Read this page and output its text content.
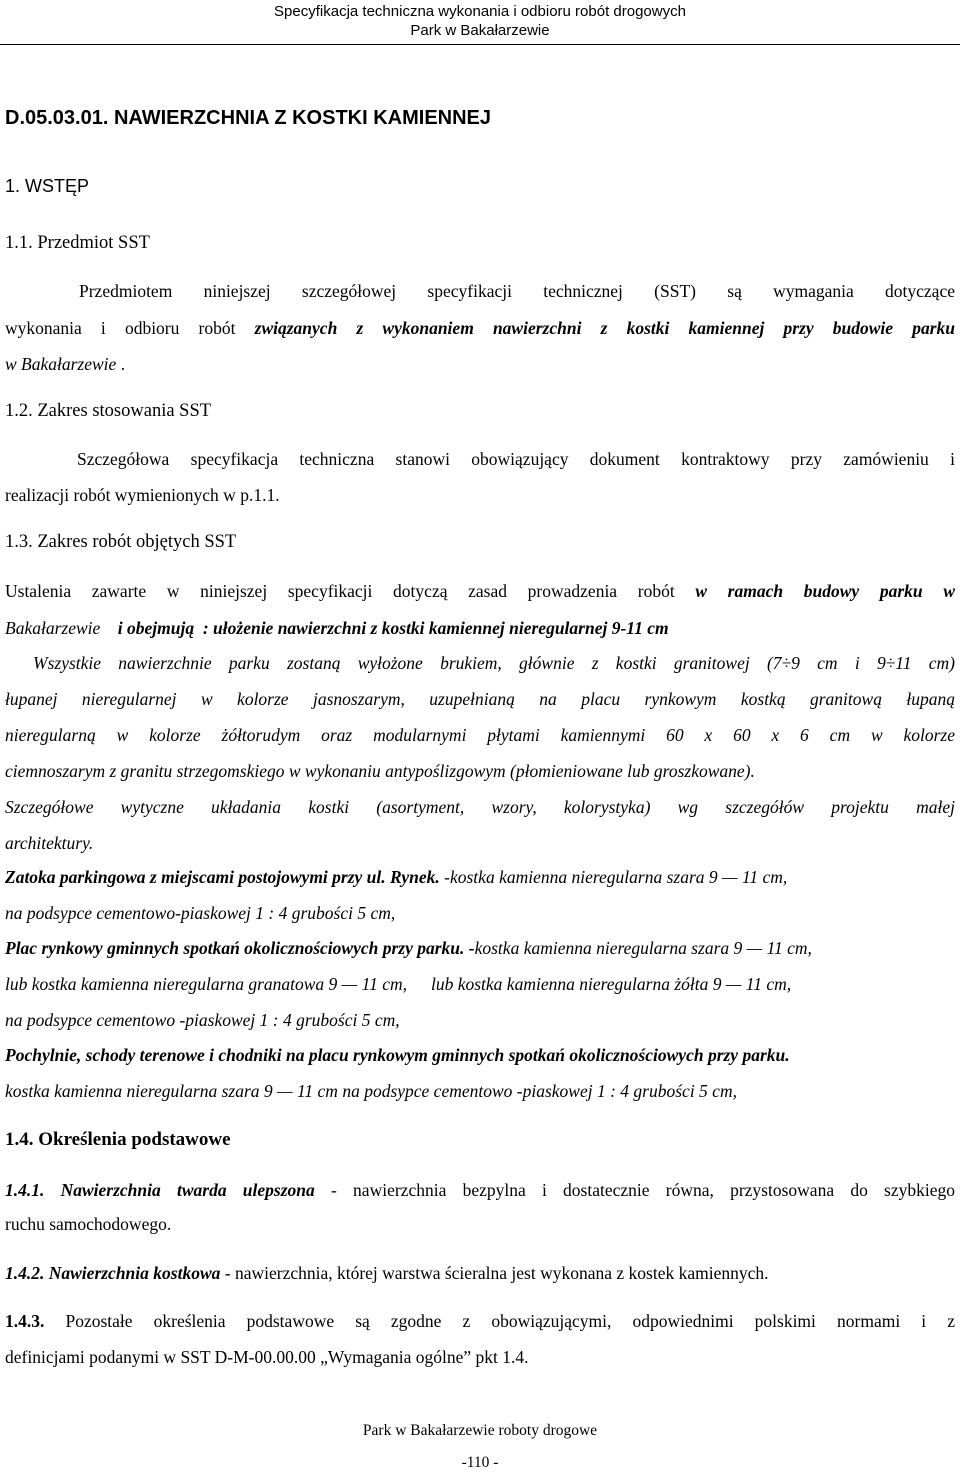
Specyfikacja techniczna wykonania i odbioru robót drogowych
Park w Bakałarzewie
D.05.03.01. NAWIERZCHNIA Z KOSTKI KAMIENNEJ
1. WSTĘP
1.1. Przedmiot SST
Przedmiotem niniejszej szczegółowej specyfikacji technicznej (SST) są wymagania dotyczące
wykonania i odbioru robót związanych z wykonaniem nawierzchni z kostki kamiennej przy budowie parku
w Bakałarzewie .
1.2. Zakres stosowania SST
Szczegółowa specyfikacja techniczna stanowi obowiązujący dokument kontraktowy przy zamówieniu i
realizacji robót wymienionych w p.1.1.
1.3. Zakres robót objętych SST
Ustalenia zawarte w niniejszej specyfikacji dotyczą zasad prowadzenia robót w ramach budowy parku w
Bakałarzewie    i obejmują  : ułożenie nawierzchni z kostki kamiennej nieregularnej 9-11 cm
Wszystkie nawierzchnie parku zostaną wyłożone brukiem, głównie z kostki granitowej (7÷9 cm i 9÷11 cm)
łupanej nieregularnej w kolorze jasnoszarym, uzupełnianą na placu rynkowym kostką granitową łupaną
nieregularną w kolorze żółtorudym oraz modularnymi płytami kamiennymi 60 x 60 x 6 cm w kolorze
ciemnoszarym z granitu strzegomskiego w wykonaniu antypoślizgowym (płomieniowane lub groszkowane).
Szczegółowe wytyczne układania kostki (asortyment, wzory, kolorystyka) wg szczegółów projektu małej
architektury.
Zatoka parkingowa z miejscami postojowymi przy ul. Rynek. -kostka kamienna nieregularna szara 9 — 11 cm,
na podsypce cementowo-piaskowej 1 : 4 grubości 5 cm,
Plac rynkowy gminnych spotkań okolicznościowych przy parku. -kostka kamienna nieregularna szara 9 — 11 cm,
lub kostka kamienna nieregularna granatowa 9 — 11 cm, lub kostka kamienna nieregularna żółta 9 — 11 cm,
na podsypce cementowo -piaskowej 1 : 4 grubości 5 cm,
Pochylnie, schody terenowe i chodniki na placu rynkowym gminnych spotkań okolicznościowych przy parku.
kostka kamienna nieregularna szara 9 — 11 cm na podsypce cementowo -piaskowej 1 : 4 grubości 5 cm,
1.4. Określenia podstawowe
1.4.1. Nawierzchnia twarda ulepszona - nawierzchnia bezpylna i dostatecznie równa, przystosowana do szybkiego
ruchu samochodowego.
1.4.2. Nawierzchnia kostkowa - nawierzchnia, której warstwa ścieralna jest wykonana z kostek kamiennych.
1.4.3. Pozostałe określenia podstawowe są zgodne z obowiązującymi, odpowiednimi polskimi normami i z
definicjami podanymi w SST D-M-00.00.00 „Wymagania ogólne” pkt 1.4.
Park w Bakałarzewie roboty drogowe
-110 -
